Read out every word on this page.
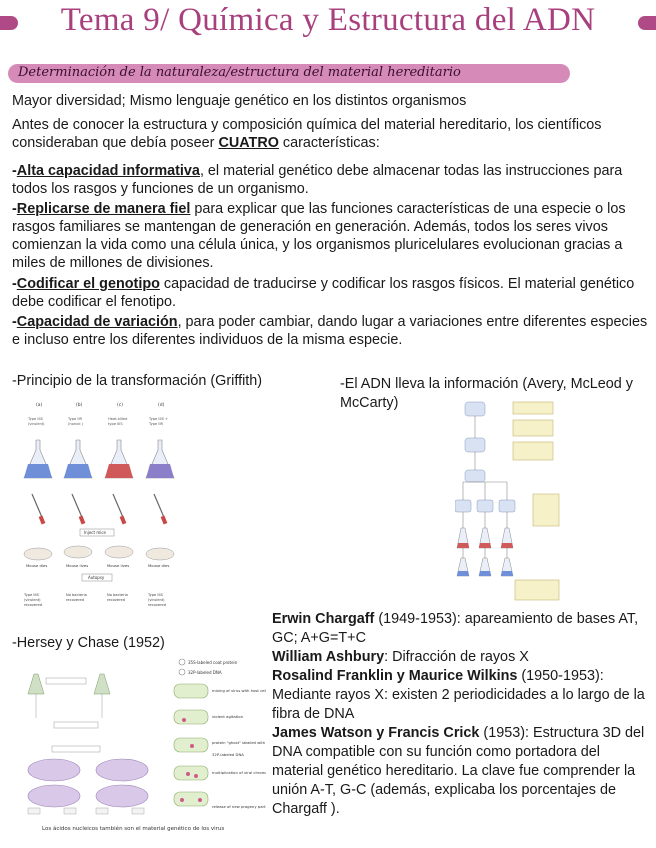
Tema 9/ Química y Estructura del ADN
Determinación de la naturaleza/estructura del material hereditario
Mayor diversidad; Mismo lenguaje genético en los distintos organismos
Antes de conocer la estructura y composición química del material hereditario, los científicos consideraban que debía poseer CUATRO características:
-Alta capacidad informativa, el material genético debe almacenar todas las instrucciones para todos los rasgos y funciones de un organismo.
-Replicarse de manera fiel para explicar que las funciones características de una especie o los rasgos familiares se mantengan de generación en generación. Además, todos los seres vivos comienzan la vida como una célula única, y los organismos pluricelulares evolucionan gracias a miles de millones de divisiones.
-Codificar el genotipo capacidad de traducirse y codificar los rasgos físicos. El material genético debe codificar el fenotipo.
-Capacidad de variación, para poder cambiar, dando lugar a variaciones entre diferentes especies e incluso entre los diferentes individuos de la misma especie.
-Principio de la transformación (Griffith)	-El ADN lleva la información (Avery, McLeod y McCarty)
-Hersey y Chase (1952)
(a)	(b)	(c)	(d)
Type IIIS	Type IIR	Heat-killed	Type IIIS +
(virulent)	(nonvir.)	type IIIS	Type IIR
Inject mice
Mouse dies	Mouse lives	Mouse lives	Mouse dies
Autopsy
Type IIIS	No bacteria	No bacteria	Type IIIS
(virulent)	recovered	recovered	(virulent)
recovered	recovered
35S-labeled coat protein
32P-labeled DNA
mixing of virus with host cells
violent agitation
protein "ghost" labeled with
32P-labeled DNA
multiplication of viral chrom
release of new progeny part
Los ácidos nucleicos también son el material genético de los virus
Erwin Chargaff (1949-1953): apareamiento de bases AT, GC; A+G=T+C
William Ashbury: Difracción de rayos X
Rosalind Franklin y Maurice Wilkins (1950-1953): Mediante rayos X: existen 2 periodicidades a lo largo de la fibra de DNA
James Watson y Francis Crick (1953): Estructura 3D del DNA compatible con su función como portadora del material genético hereditario. La clave fue comprender la unión A-T, G-C (además, explicaba los porcentajes de Chargaff ).
